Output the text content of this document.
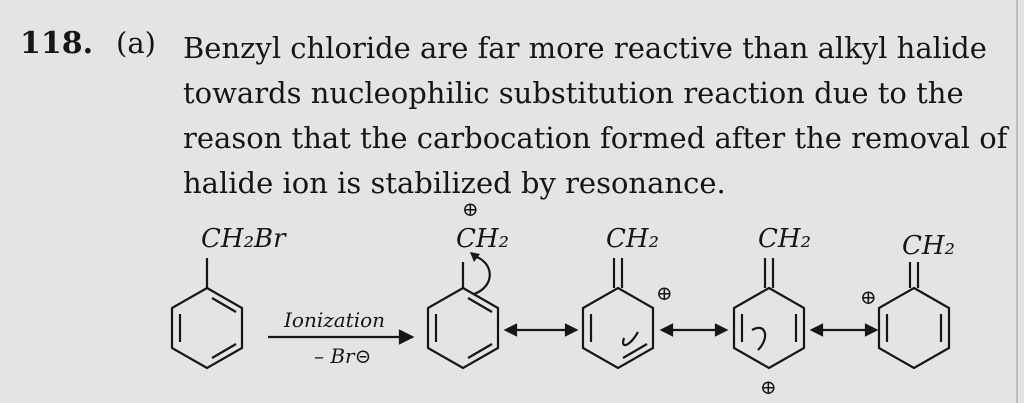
118. (a) Benzyl chloride are far more reactive than alkyl halide
towards nucleophilic substitution reaction due to the
reason that the carbocation formed after the removal of
halide ion is stabilized by resonance.
CH₂Br
Ionization
– Br⊝
⊕
CH₂	CH₂
⊕
CH₂
⊕
CH₂
⊕
